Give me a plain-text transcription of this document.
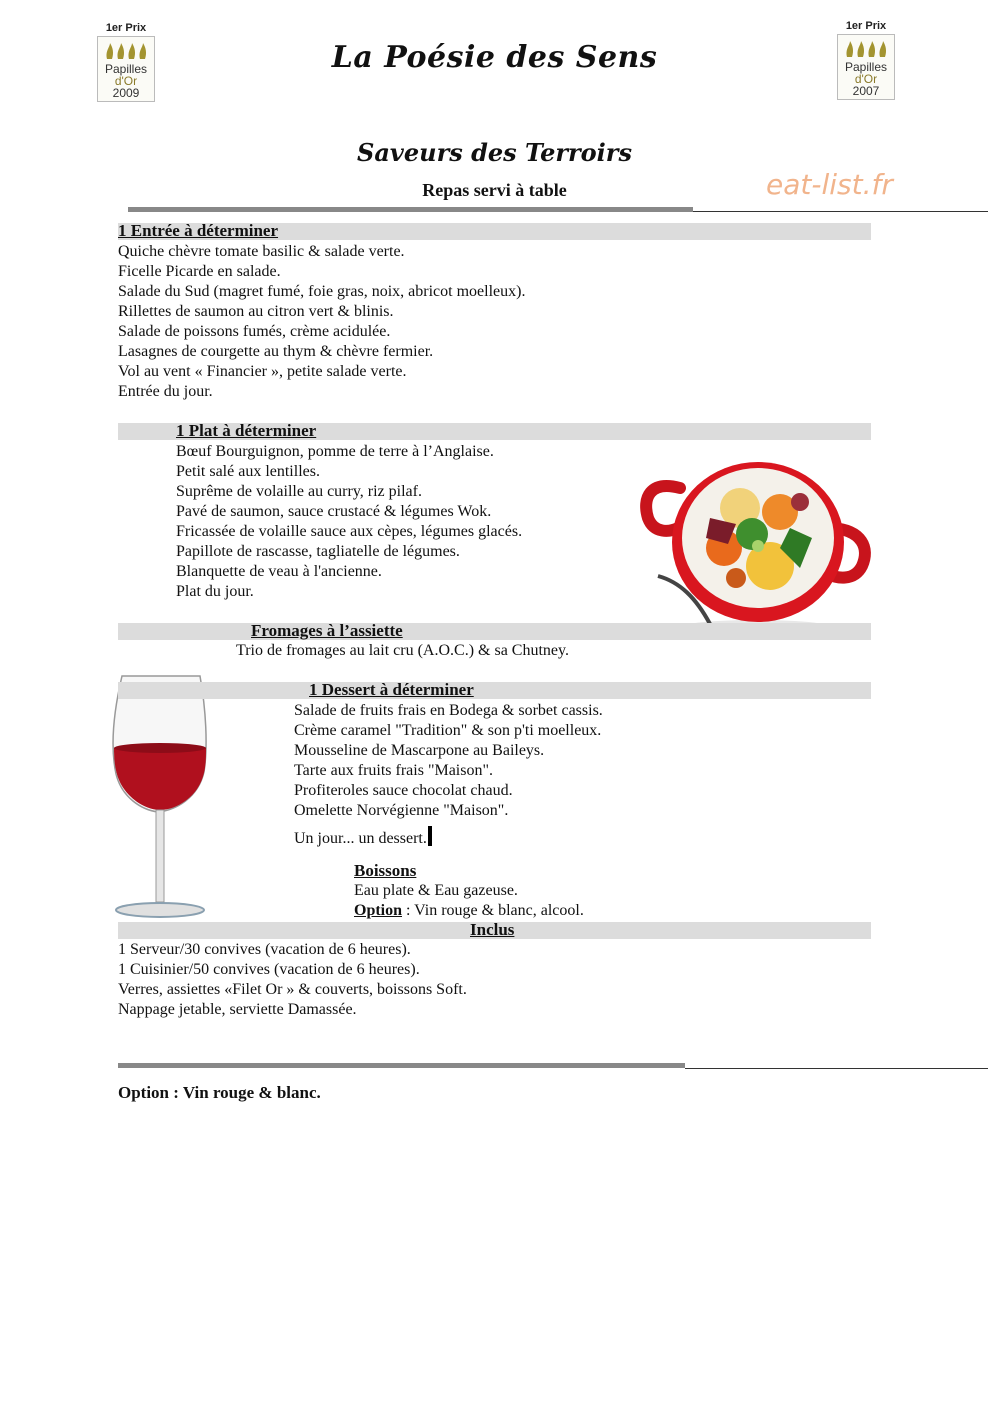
1er Prix
Papilles
d'Or
2009
1er Prix
Papilles
d'Or
2007
La Poésie des Sens
Saveurs des Terroirs
Repas servi à table	eat-list.fr
1 Entrée à déterminer
Quiche chèvre tomate basilic & salade verte.
Ficelle Picarde en salade.
Salade du Sud (magret fumé, foie gras, noix, abricot moelleux).
Rillettes de saumon au citron vert & blinis.
Salade de poissons fumés, crème acidulée.
Lasagnes de courgette au thym & chèvre fermier.
Vol au vent « Financier », petite salade verte.
Entrée du jour.
1 Plat à déterminer
Bœuf Bourguignon, pomme de terre à l’Anglaise.
Petit salé aux lentilles.
Suprême de volaille au curry, riz pilaf.
Pavé de saumon, sauce crustacé & légumes Wok.
Fricassée de volaille sauce aux cèpes, légumes glacés.
Papillote de rascasse, tagliatelle de légumes.
Blanquette de veau à l'ancienne.
Plat du jour.
Fromages à l’assiette
Trio de fromages au lait cru (A.O.C.) & sa Chutney.
1 Dessert à déterminer
Salade de fruits frais en Bodega & sorbet cassis.
Crème caramel "Tradition" & son p'ti moelleux.
Mousseline de Mascarpone au Baileys.
Tarte aux fruits frais "Maison".
Profiteroles sauce chocolat chaud.
Omelette Norvégienne "Maison".
Un jour... un dessert.
Boissons
Eau plate & Eau gazeuse.
Option : Vin rouge & blanc, alcool.
Inclus
1 Serveur/30 convives (vacation de 6 heures).
1 Cuisinier/50 convives (vacation de 6 heures).
Verres, assiettes «Filet Or » & couverts, boissons Soft.
Nappage jetable, serviette Damassée.
Option : Vin rouge & blanc.
